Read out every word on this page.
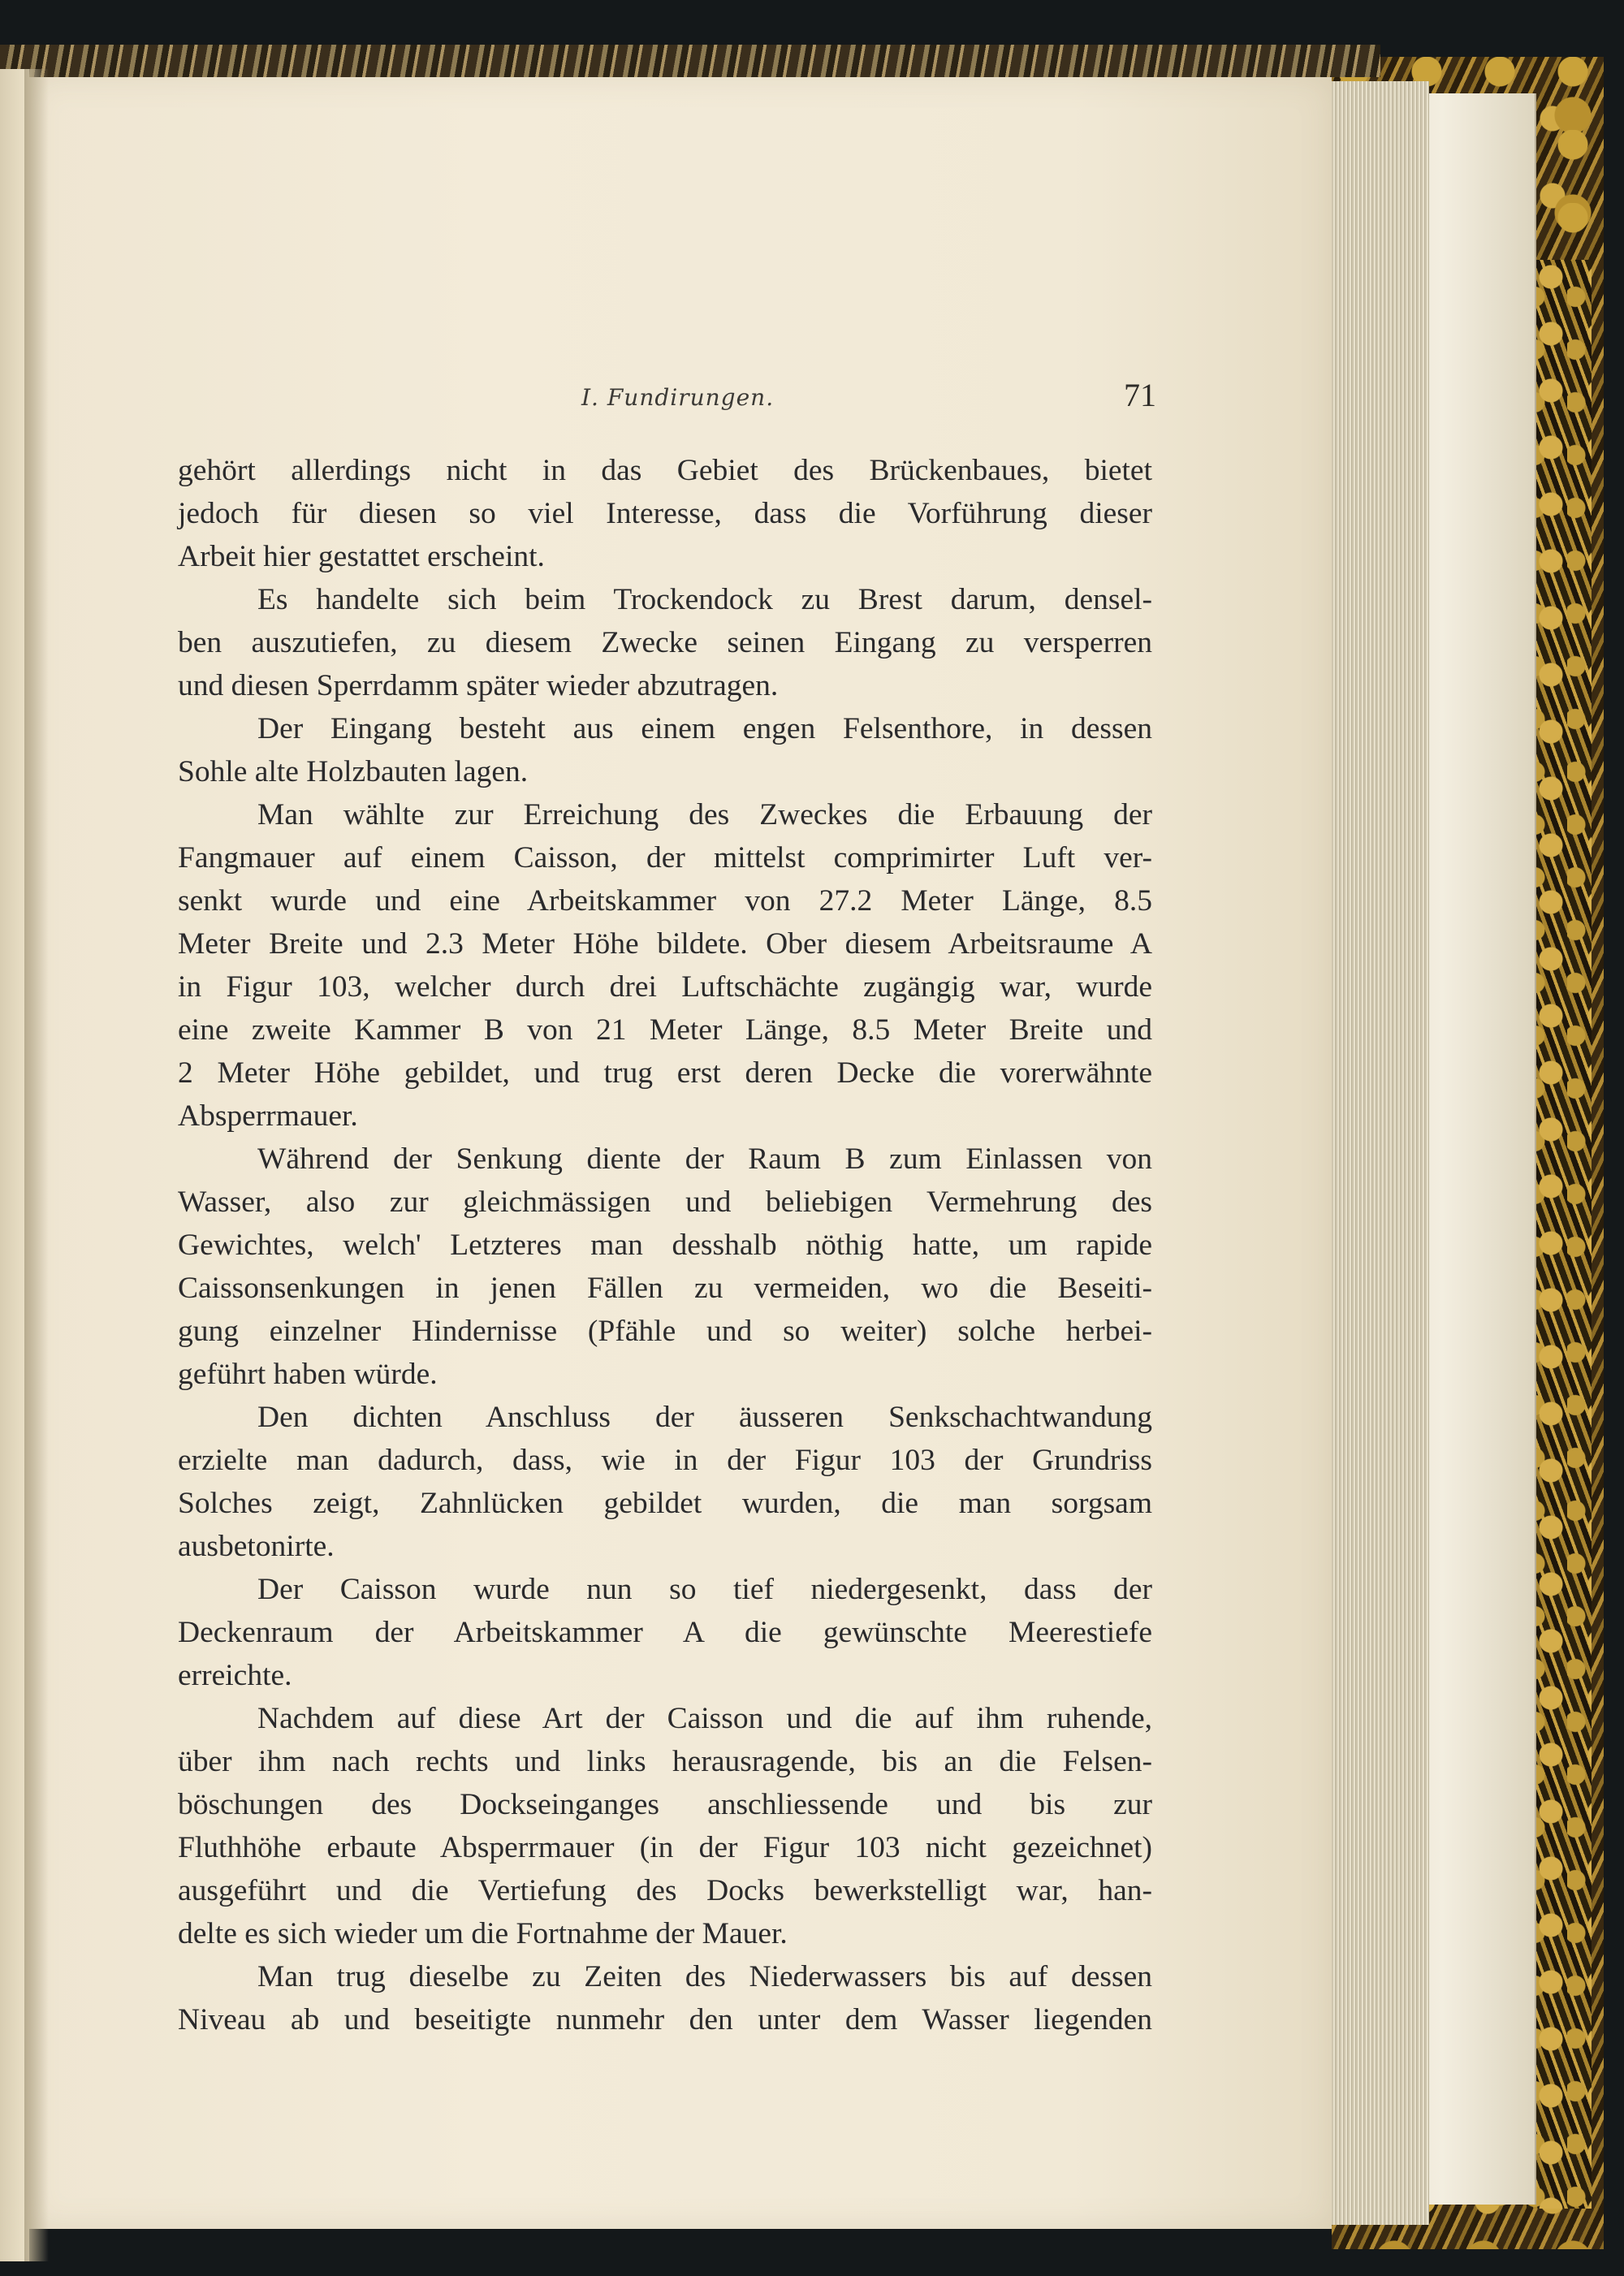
I. Fundirungen.	71
gehört allerdings nicht in das Gebiet des Brückenbaues, bietet
jedoch für diesen so viel Interesse, dass die Vorführung dieser
Arbeit hier gestattet erscheint.
Es handelte sich beim Trockendock zu Brest darum, densel-
ben auszutiefen, zu diesem Zwecke seinen Eingang zu versperren
und diesen Sperrdamm später wieder abzutragen.
Der Eingang besteht aus einem engen Felsenthore, in dessen
Sohle alte Holzbauten lagen.
Man wählte zur Erreichung des Zweckes die Erbauung der
Fangmauer auf einem Caisson, der mittelst comprimirter Luft ver-
senkt wurde und eine Arbeitskammer von 27.2 Meter Länge, 8.5
Meter Breite und 2.3 Meter Höhe bildete. Ober diesem Arbeitsraume A
in Figur 103, welcher durch drei Luftschächte zugängig war, wurde
eine zweite Kammer B von 21 Meter Länge, 8.5 Meter Breite und
2 Meter Höhe gebildet, und trug erst deren Decke die vorerwähnte
Absperrmauer.
Während der Senkung diente der Raum B zum Einlassen von
Wasser, also zur gleichmässigen und beliebigen Vermehrung des
Gewichtes, welch' Letzteres man desshalb nöthig hatte, um rapide
Caissonsenkungen in jenen Fällen zu vermeiden, wo die Beseiti-
gung einzelner Hindernisse (Pfähle und so weiter) solche herbei-
geführt haben würde.
Den dichten Anschluss der äusseren Senkschachtwandung
erzielte man dadurch, dass, wie in der Figur 103 der Grundriss
Solches zeigt, Zahnlücken gebildet wurden, die man sorgsam
ausbetonirte.
Der Caisson wurde nun so tief niedergesenkt, dass der
Deckenraum der Arbeitskammer A die gewünschte Meerestiefe
erreichte.
Nachdem auf diese Art der Caisson und die auf ihm ruhende,
über ihm nach rechts und links herausragende, bis an die Felsen-
böschungen des Dockseinganges anschliessende und bis zur
Fluthhöhe erbaute Absperrmauer (in der Figur 103 nicht gezeichnet)
ausgeführt und die Vertiefung des Docks bewerkstelligt war, han-
delte es sich wieder um die Fortnahme der Mauer.
Man trug dieselbe zu Zeiten des Niederwassers bis auf dessen
Niveau ab und beseitigte nunmehr den unter dem Wasser liegenden
